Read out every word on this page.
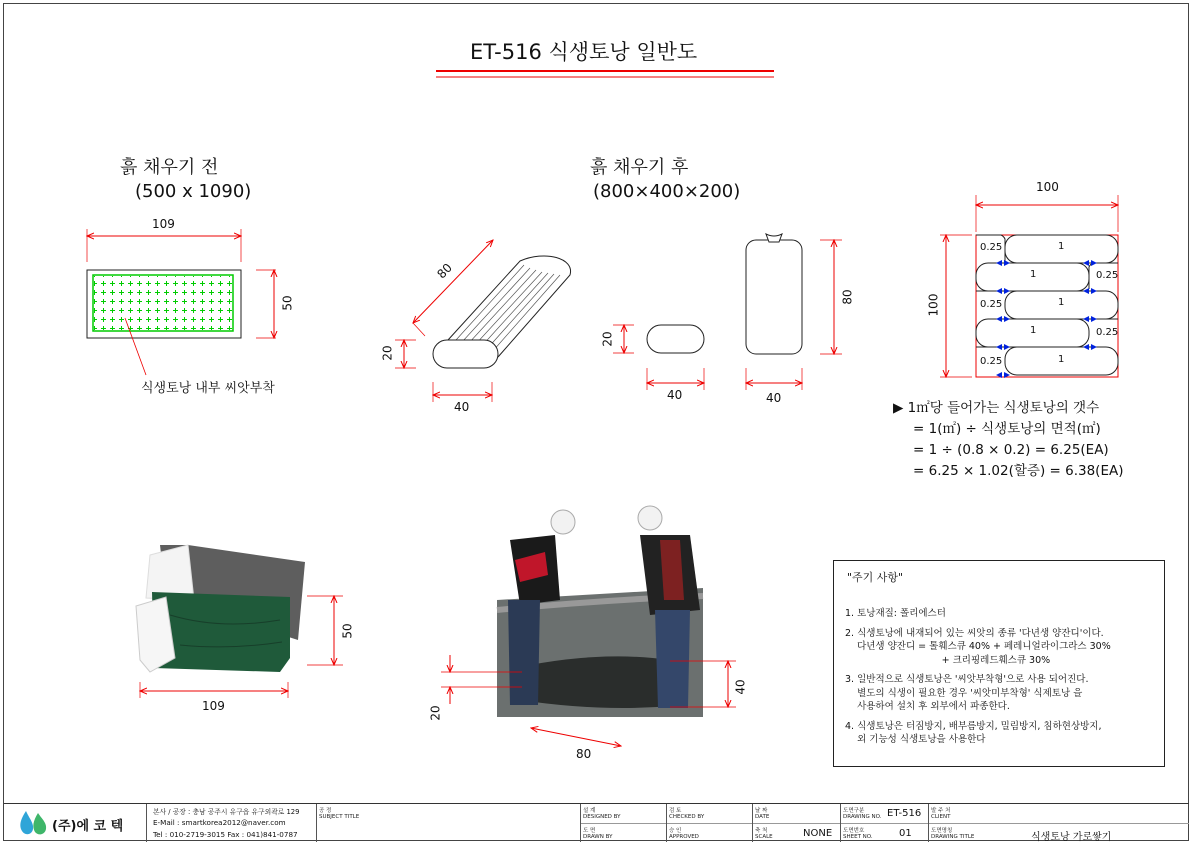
ET-516 식생토낭 일반도
흙 채우기 전
(500 x 1090)
109
50
식생토낭 내부 씨앗부착
흙 채우기 후
(800×400×200)
80
20
40
20
40
80
40
100
100
0.25	1
1	0.25
0.25	1
1	0.25
0.25	1
▶ 1㎡당 들어가는 식생토낭의 갯수
= 1(㎡) ÷ 식생토낭의 면적(㎡)
= 1 ÷ (0.8 × 0.2) = 6.25(EA)
= 6.25 × 1.02(할증) = 6.38(EA)
50
109
40
20
80
"주기 사항"
1. 토낭재질: 폴리에스터
2. 식생토낭에 내재되어 있는 씨앗의 종류 '다년생 양잔디'이다.
다년생 양잔디 = 톨훼스큐 40% + 페레니얼라이그라스 30%
+ 크리핑레드훼스큐 30%
3. 일반적으로 식생토낭은 '씨앗부착형'으로 사용 되어진다.
별도의 식생이 필요한 경우 '씨앗미부착형' 식제토낭 을
사용하여 설치 후 외부에서 파종한다.
4. 식생토낭은 터짐방지, 배부름방지, 밀림방지, 침하현상방지,
외 기능성 식생토낭을 사용한다
(주)에 코 텍
본사 / 공장 : 충남 공주시 유구읍 유구외곽로 129
E-Mail : smartkorea2012@naver.com
Tel : 010-2719-3015 Fax : 041)841-0787
공 정
SUBJECT TITLE
설 계
DESIGNED BY
도 면
DRAWN BY
검 토
CHECKED BY
승 인
APPROVED
날 짜
DATE
축 척
SCALE	NONE
도면구분
DRAWING NO. ET-516
도면번호
SHEET NO.	01
발 주 처
CLIENT
도면명칭
DRAWING TITLE	식생토낭 가로쌓기
